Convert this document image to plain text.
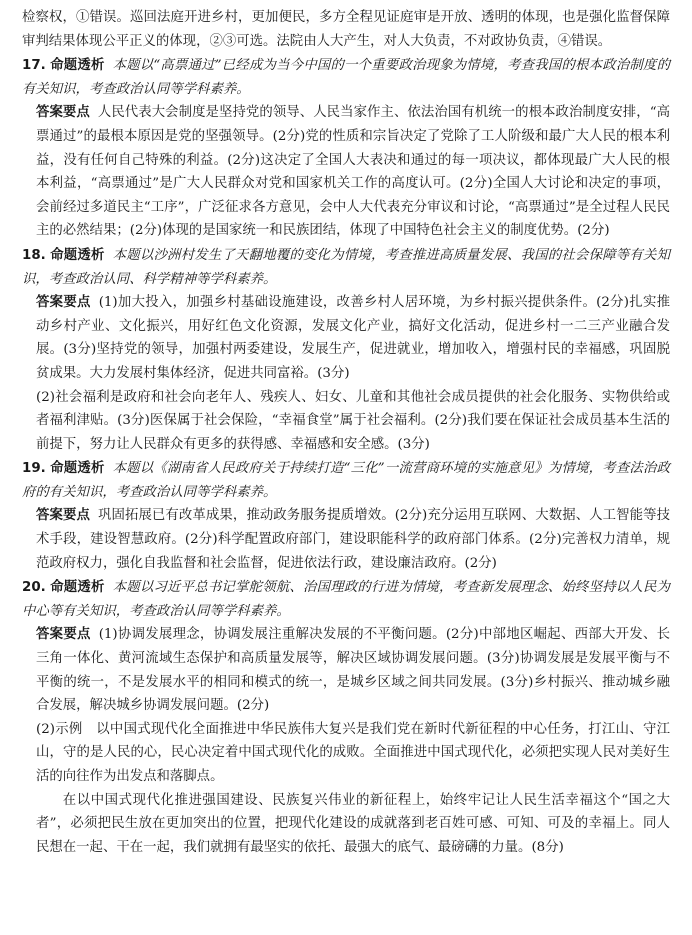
检察权，①错误。巡回法庭开进乡村，更加便民，多方全程见证庭审是开放、透明的体现，也是强化监督保障审判结果体现公平正义的体现，②③可选。法院由人大产生，对人大负责，不对政协负责，④错误。

17. 命题透析 本题以“高票通过”已经成为当今中国的一个重要政治现象为情境，考查我国的根本政治制度的有关知识，考查政治认同等学科素养。

答案要点 人民代表大会制度是坚持党的领导、人民当家作主、依法治国有机统一的根本政治制度安排，“高票通过”的最根本原因是党的坚强领导。(2分)党的性质和宗旨决定了党除了工人阶级和最广大人民的根本利益，没有任何自己特殊的利益。(2分)这决定了全国人大表决和通过的每一项决议，都体现最广大人民的根本利益，“高票通过”是广大人民群众对党和国家机关工作的高度认可。(2分)全国人大讨论和决定的事项，会前经过多道民主“工序”，广泛征求各方意见，会中人大代表充分审议和讨论，“高票通过”是全过程人民民主的必然结果；(2分)体现的是国家统一和民族团结，体现了中国特色社会主义的制度优势。(2分)

18. 命题透析 本题以沙洲村发生了天翻地覆的变化为情境，考查推进高质量发展、我国的社会保障等有关知识，考查政治认同、科学精神等学科素养。

答案要点 (1)加大投入，加强乡村基础设施建设，改善乡村人居环境，为乡村振兴提供条件。(2分)扎实推动乡村产业、文化振兴，用好红色文化资源，发展文化产业，搞好文化活动，促进乡村一二三产业融合发展。(3分)坚持党的领导，加强村两委建设，发展生产，促进就业，增加收入，增强村民的幸福感，巩固脱贫成果。大力发展村集体经济，促进共同富裕。(3分)

(2)社会福利是政府和社会向老年人、残疾人、妇女、儿童和其他社会成员提供的社会化服务、实物供给或者福利津贴。(3分)医保属于社会保险，“幸福食堂”属于社会福利。(2分)我们要在保证社会成员基本生活的前提下，努力让人民群众有更多的获得感、幸福感和安全感。(3分)

19. 命题透析 本题以《湖南省人民政府关于持续打造“三化”一流营商环境的实施意见》为情境，考查法治政府的有关知识，考查政治认同等学科素养。

答案要点 巩固拓展已有改革成果，推动政务服务提质增效。(2分)充分运用互联网、大数据、人工智能等技术手段，建设智慧政府。(2分)科学配置政府部门，建设职能科学的政府部门体系。(2分)完善权力清单，规范政府权力，强化自我监督和社会监督，促进依法行政，建设廉洁政府。(2分)

20. 命题透析 本题以习近平总书记掌舵领航、治国理政的行进为情境，考查新发展理念、始终坚持以人民为中心等有关知识，考查政治认同等学科素养。

答案要点 (1)协调发展理念，协调发展注重解决发展的不平衡问题。(2分)中部地区崛起、西部大开发、长三角一体化、黄河流域生态保护和高质量发展等，解决区域协调发展问题。(3分)协调发展是发展平衡与不平衡的统一，不是发展水平的相同和模式的统一，是城乡区域之间共同发展。(3分)乡村振兴、推动城乡融合发展，解决城乡协调发展问题。(2分)

(2)示例　以中国式现代化全面推进中华民族伟大复兴是我们党在新时代新征程的中心任务，打江山、守江山，守的是人民的心，民心决定着中国式现代化的成败。全面推进中国式现代化，必须把实现人民对美好生活的向往作为出发点和落脚点。

在以中国式现代化推进强国建设、民族复兴伟业的新征程上，始终牢记让人民生活幸福这个“国之大者”，必须把民生放在更加突出的位置，把现代化建设的成就落到老百姓可感、可知、可及的幸福上。同人民想在一起、干在一起，我们就拥有最坚实的依托、最强大的底气、最磅礴的力量。(8分)
